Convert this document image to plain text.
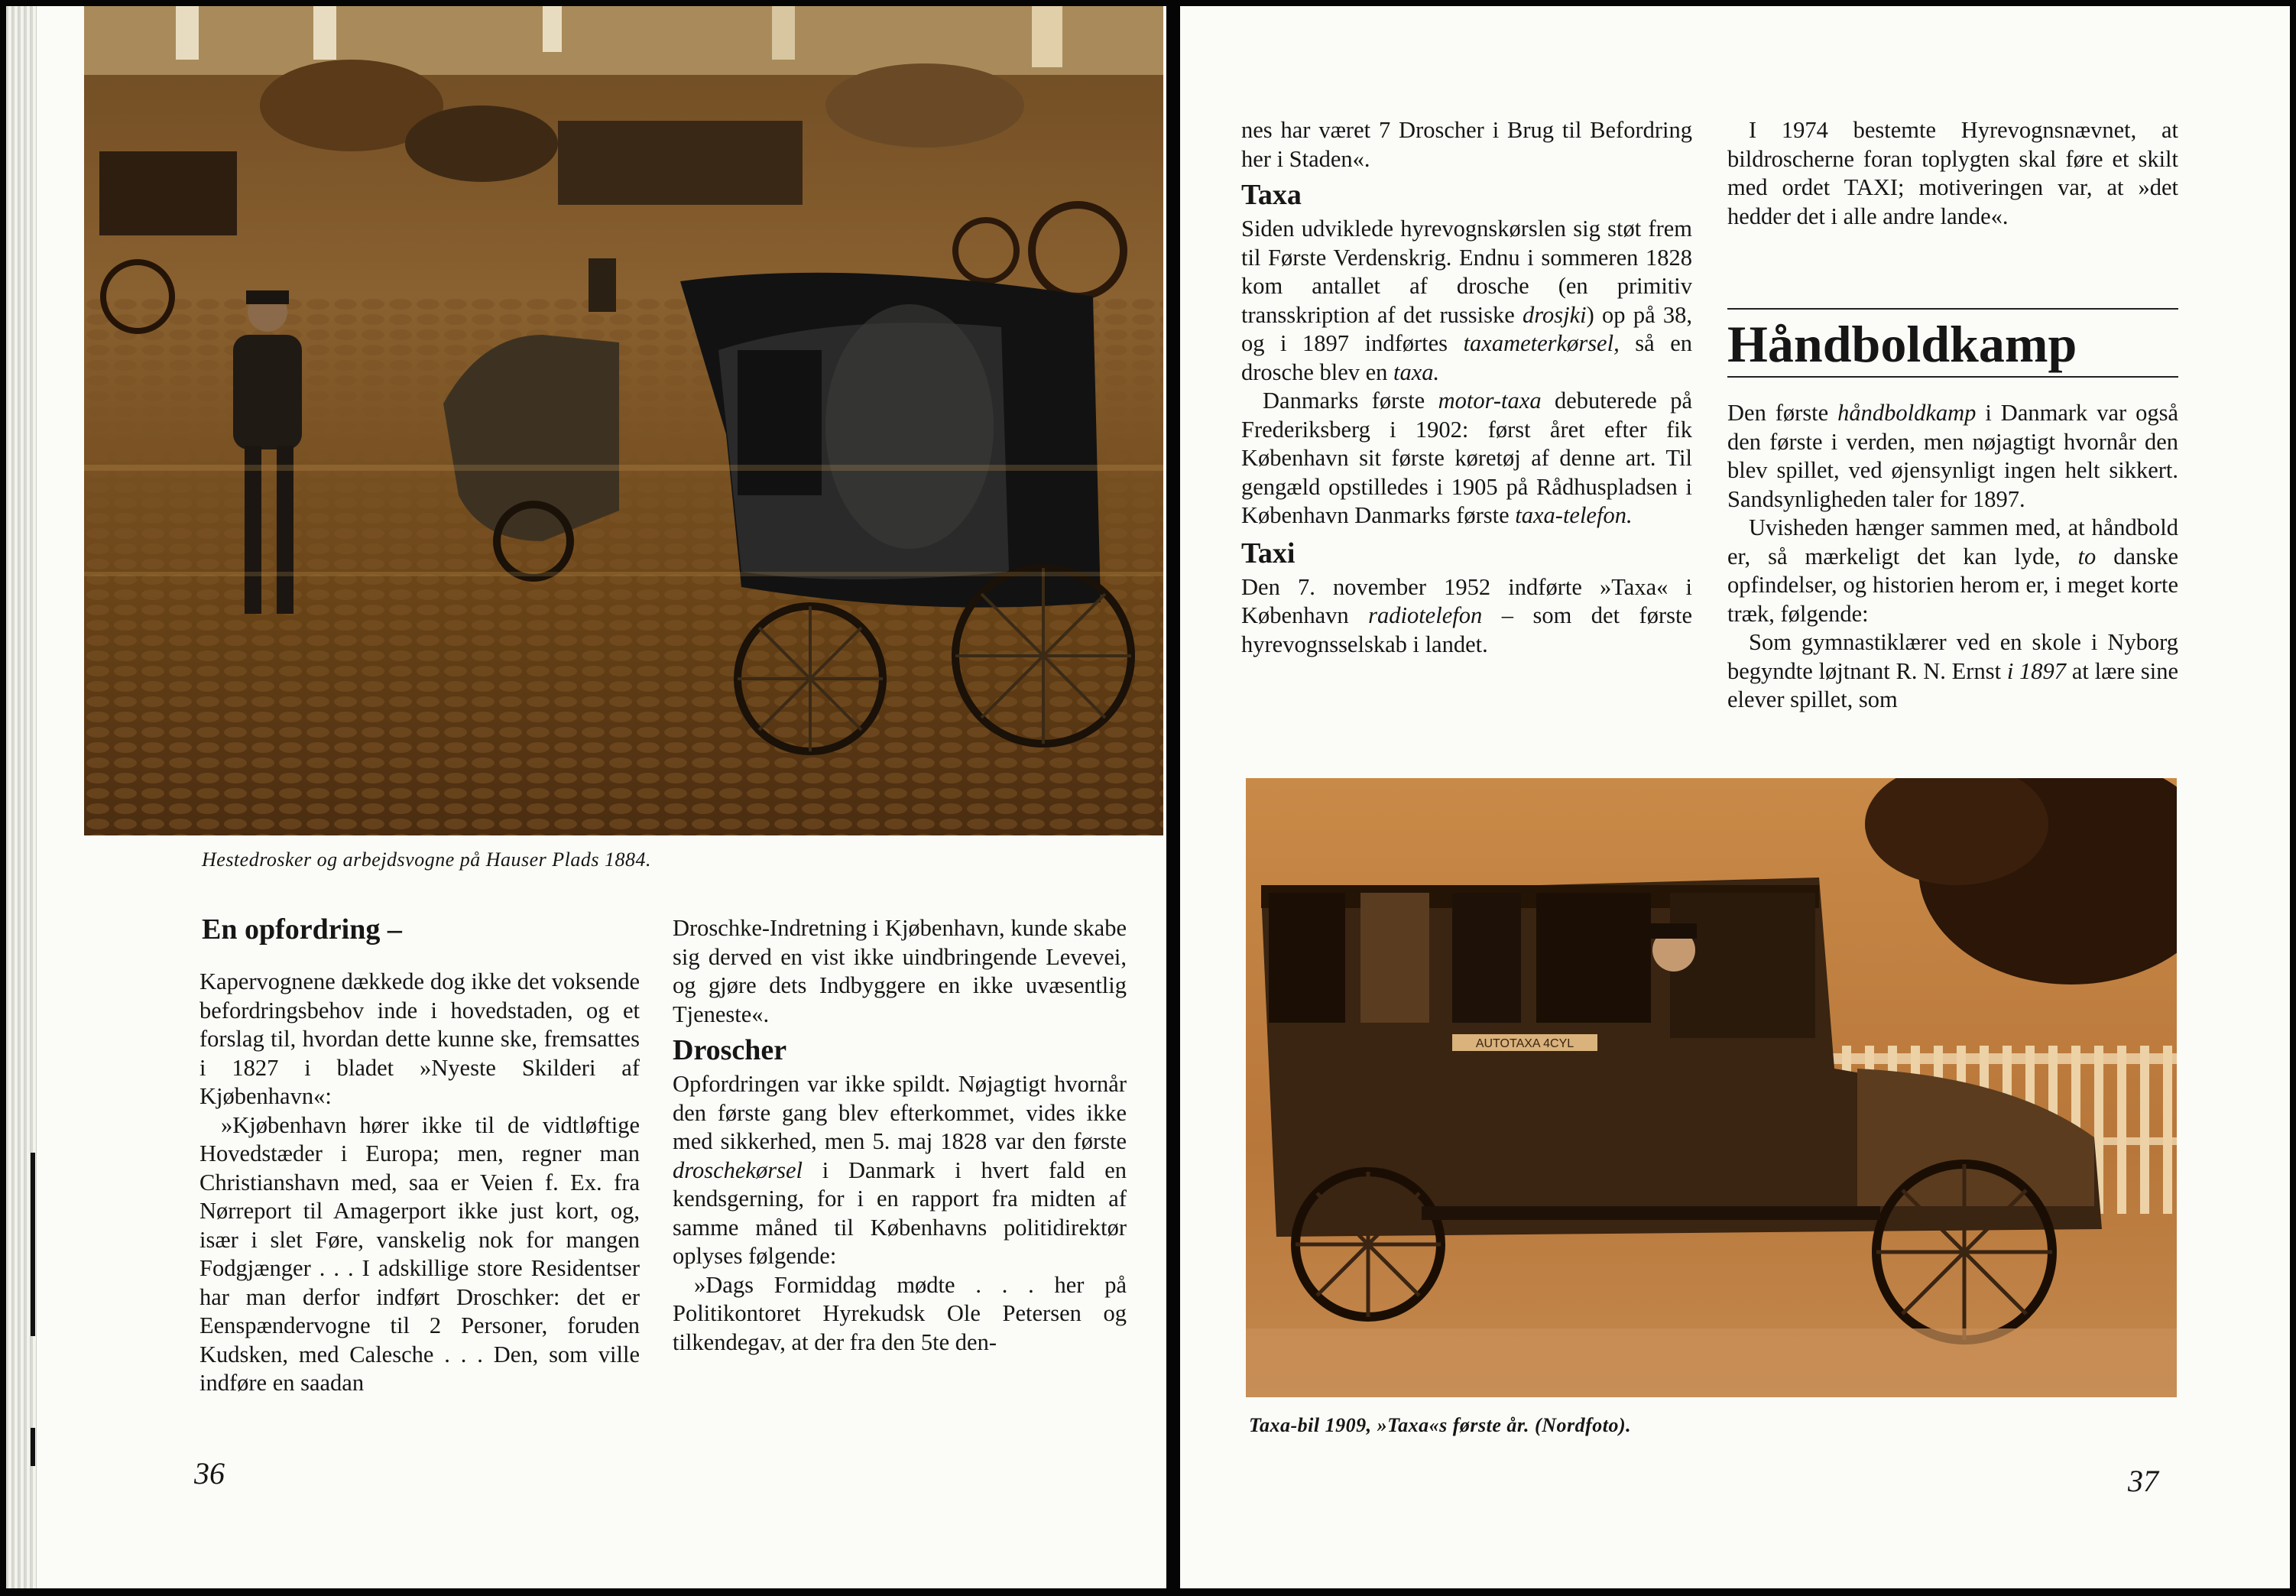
Hestedrosker og arbejdsvogne på Hauser Plads 1884.
En opfordring –

Kapervognene dækkede dog ikke det voksende befordringsbehov inde i hovedstaden, og et forslag til, hvordan dette kunne ske, fremsattes i 1827 i bladet »Nyeste Skilderi af Kjøbenhavn«:

»Kjøbenhavn hører ikke til de vidtløftige Hovedstæder i Europa; men, regner man Christianshavn med, saa er Veien f. Ex. fra Nørreport til Amagerport ikke just kort, og, især i slet Føre, vanskelig nok for mangen Fodgjænger . . . I adskillige store Residentser har man derfor indført Droschker: det er Eenspændervogne til 2 Personer, foruden Kudsken, med Calesche . . . Den, som ville indføre en saadan

Droschke-Indretning i Kjøbenhavn, kunde skabe sig derved en vist ikke uindbringende Levevei, og gjøre dets Indbyggere en ikke uvæsentlig Tjeneste«.

Droscher

Opfordringen var ikke spildt. Nøjagtigt hvornår den første gang blev efterkommet, vides ikke med sikkerhed, men 5. maj 1828 var den første droschekørsel i Danmark i hvert fald en kendsgerning, for i en rapport fra midten af samme måned til Københavns politidirektør oplyses følgende:

»Dags Formiddag mødte . . . her på Politikontoret Hyrekudsk Ole Petersen og tilkendegav, at der fra den 5te den-

36

nes har været 7 Droscher i Brug til Befordring her i Staden«.

Taxa

Siden udviklede hyrevognskørslen sig støt frem til Første Verdenskrig. Endnu i sommeren 1828 kom antallet af drosche (en primitiv transskription af det russiske drosjki) op på 38, og i 1897 indførtes taxameterkørsel, så en drosche blev en taxa.

Danmarks første motor-taxa debuterede på Frederiksberg i 1902: først året efter fik København sit første køretøj af denne art. Til gengæld opstilledes i 1905 på Rådhuspladsen i København Danmarks første taxa-telefon.

Taxi

Den 7. november 1952 indførte »Taxa« i København radiotelefon – som det første hyrevognsselskab i landet.

I 1974 bestemte Hyrevognsnævnet, at bildroscherne foran toplygten skal føre et skilt med ordet TAXI; motiveringen var, at »det hedder det i alle andre lande«.

Håndboldkamp

Den første håndboldkamp i Danmark var også den første i verden, men nøjagtigt hvornår den blev spillet, ved øjensynligt ingen helt sikkert. Sandsynligheden taler for 1897.

Uvisheden hænger sammen med, at håndbold er, så mærkeligt det kan lyde, to danske opfindelser, og historien herom er, i meget korte træk, følgende:

Som gymnastiklærer ved en skole i Nyborg begyndte løjtnant R. N. Ernst i 1897 at lære sine elever spillet, som

AUTOTAXA 4CYL
Taxa-bil 1909, »Taxa«s første år. (Nordfoto).
37
